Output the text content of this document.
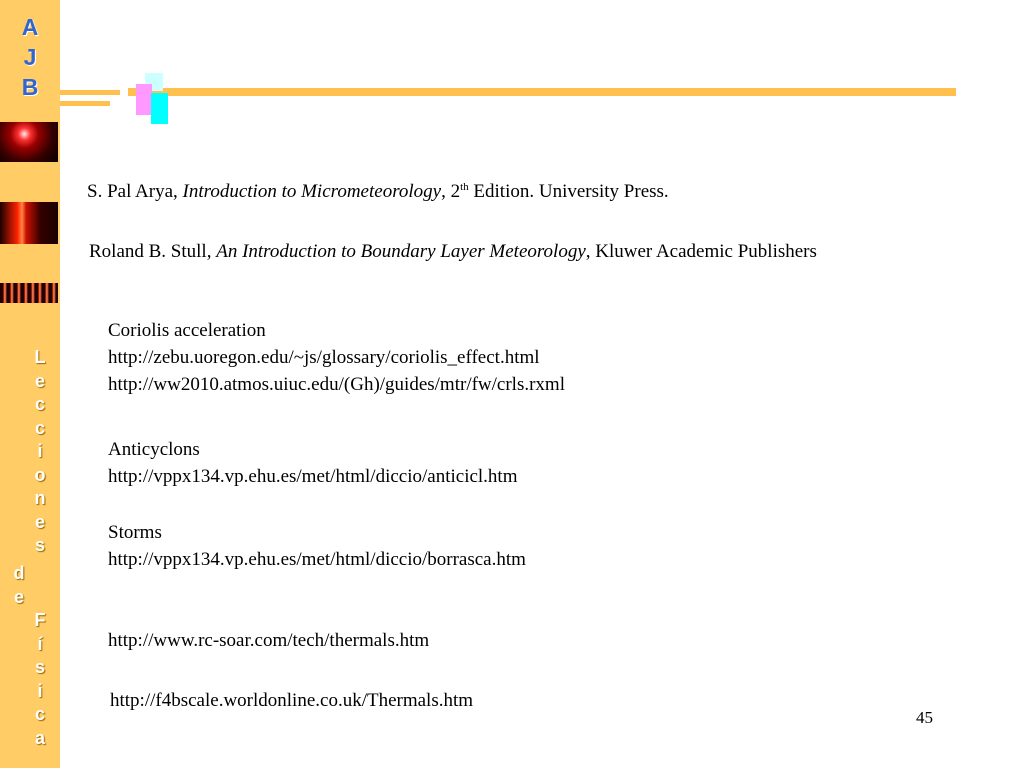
A
J
B
L
e
c
c
i
o
n
e
s
d
e
F
í
s
i
c
a
S. Pal Arya, Introduction to Micrometeorology, 2th Edition. University Press.
Roland B. Stull, An Introduction to Boundary Layer Meteorology, Kluwer Academic Publishers
Coriolis acceleration
http://zebu.uoregon.edu/~js/glossary/coriolis_effect.html
http://ww2010.atmos.uiuc.edu/(Gh)/guides/mtr/fw/crls.rxml
Anticyclons
http://vppx134.vp.ehu.es/met/html/diccio/anticicl.htm
Storms
http://vppx134.vp.ehu.es/met/html/diccio/borrasca.htm
http://www.rc-soar.com/tech/thermals.htm
http://f4bscale.worldonline.co.uk/Thermals.htm
45
